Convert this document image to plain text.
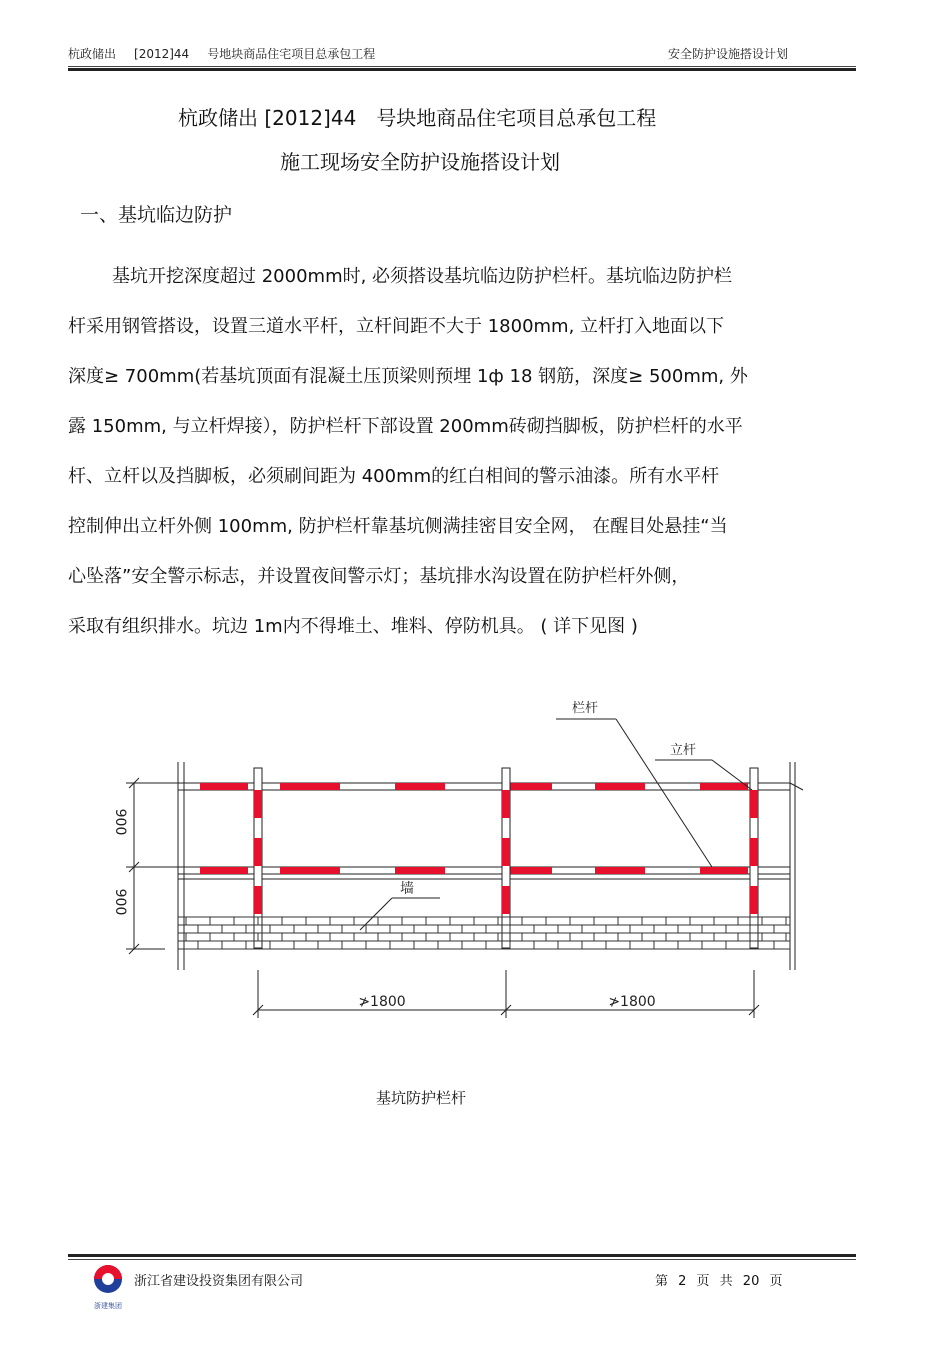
杭政储出 [2012]44 号地块商品住宅项目总承包工程	安全防护设施搭设计划
杭政储出 [2012]44 号块地商品住宅项目总承包工程
施工现场安全防护设施搭设计划
一、基坑临边防护
基坑开挖深度超过 2000mm时, 必须搭设基坑临边防护栏杆。基坑临边防护栏
杆采用钢管搭设，设置三道水平杆，立杆间距不大于 1800mm, 立杆打入地面以下
深度≥ 700mm(若基坑顶面有混凝土压顶梁则预埋 1ф 18 钢筋，深度≥ 500mm, 外
露 150mm, 与立杆焊接），防护栏杆下部设置 200mm砖砌挡脚板，防护栏杆的水平
杆、立杆以及挡脚板，必须刷间距为 400mm的红白相间的警示油漆。所有水平杆
控制伸出立杆外侧 100mm, 防护栏杆靠基坑侧满挂密目安全网， 在醒目处悬挂“当
心坠落”安全警示标志，并设置夜间警示灯；基坑排水沟设置在防护栏杆外侧，
采取有组织排水。坑边 1m内不得堆土、堆料、停防机具。 ( 详下见图 )
900
900
≯1800	≯1800
栏杆
立杆
墙
基坑防护栏杆
浙建集团
浙江省建设投资集团有限公司	第 2 页 共 20 页
